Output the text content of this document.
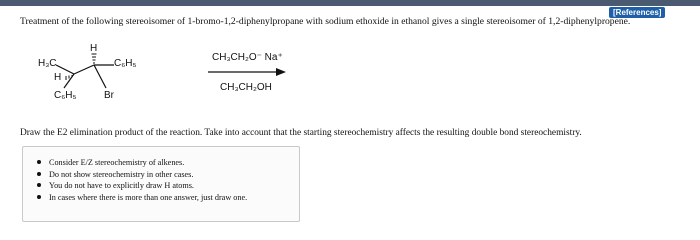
[References]
Treatment of the following stereoisomer of 1-bromo-1,2-diphenylpropane with sodium ethoxide in ethanol gives a single stereoisomer of 1,2-diphenylpropene.
H₃C
H
C₆H₅
H
C₆H₅	Br
CH₃CH₂O⁻ Na⁺
CH₃CH₂OH
Draw the E2 elimination product of the reaction. Take into account that the starting stereochemistry affects the resulting double bond stereochemistry.
Consider E/Z stereochemistry of alkenes.
Do not show stereochemistry in other cases.
You do not have to explicitly draw H atoms.
In cases where there is more than one answer, just draw one.
